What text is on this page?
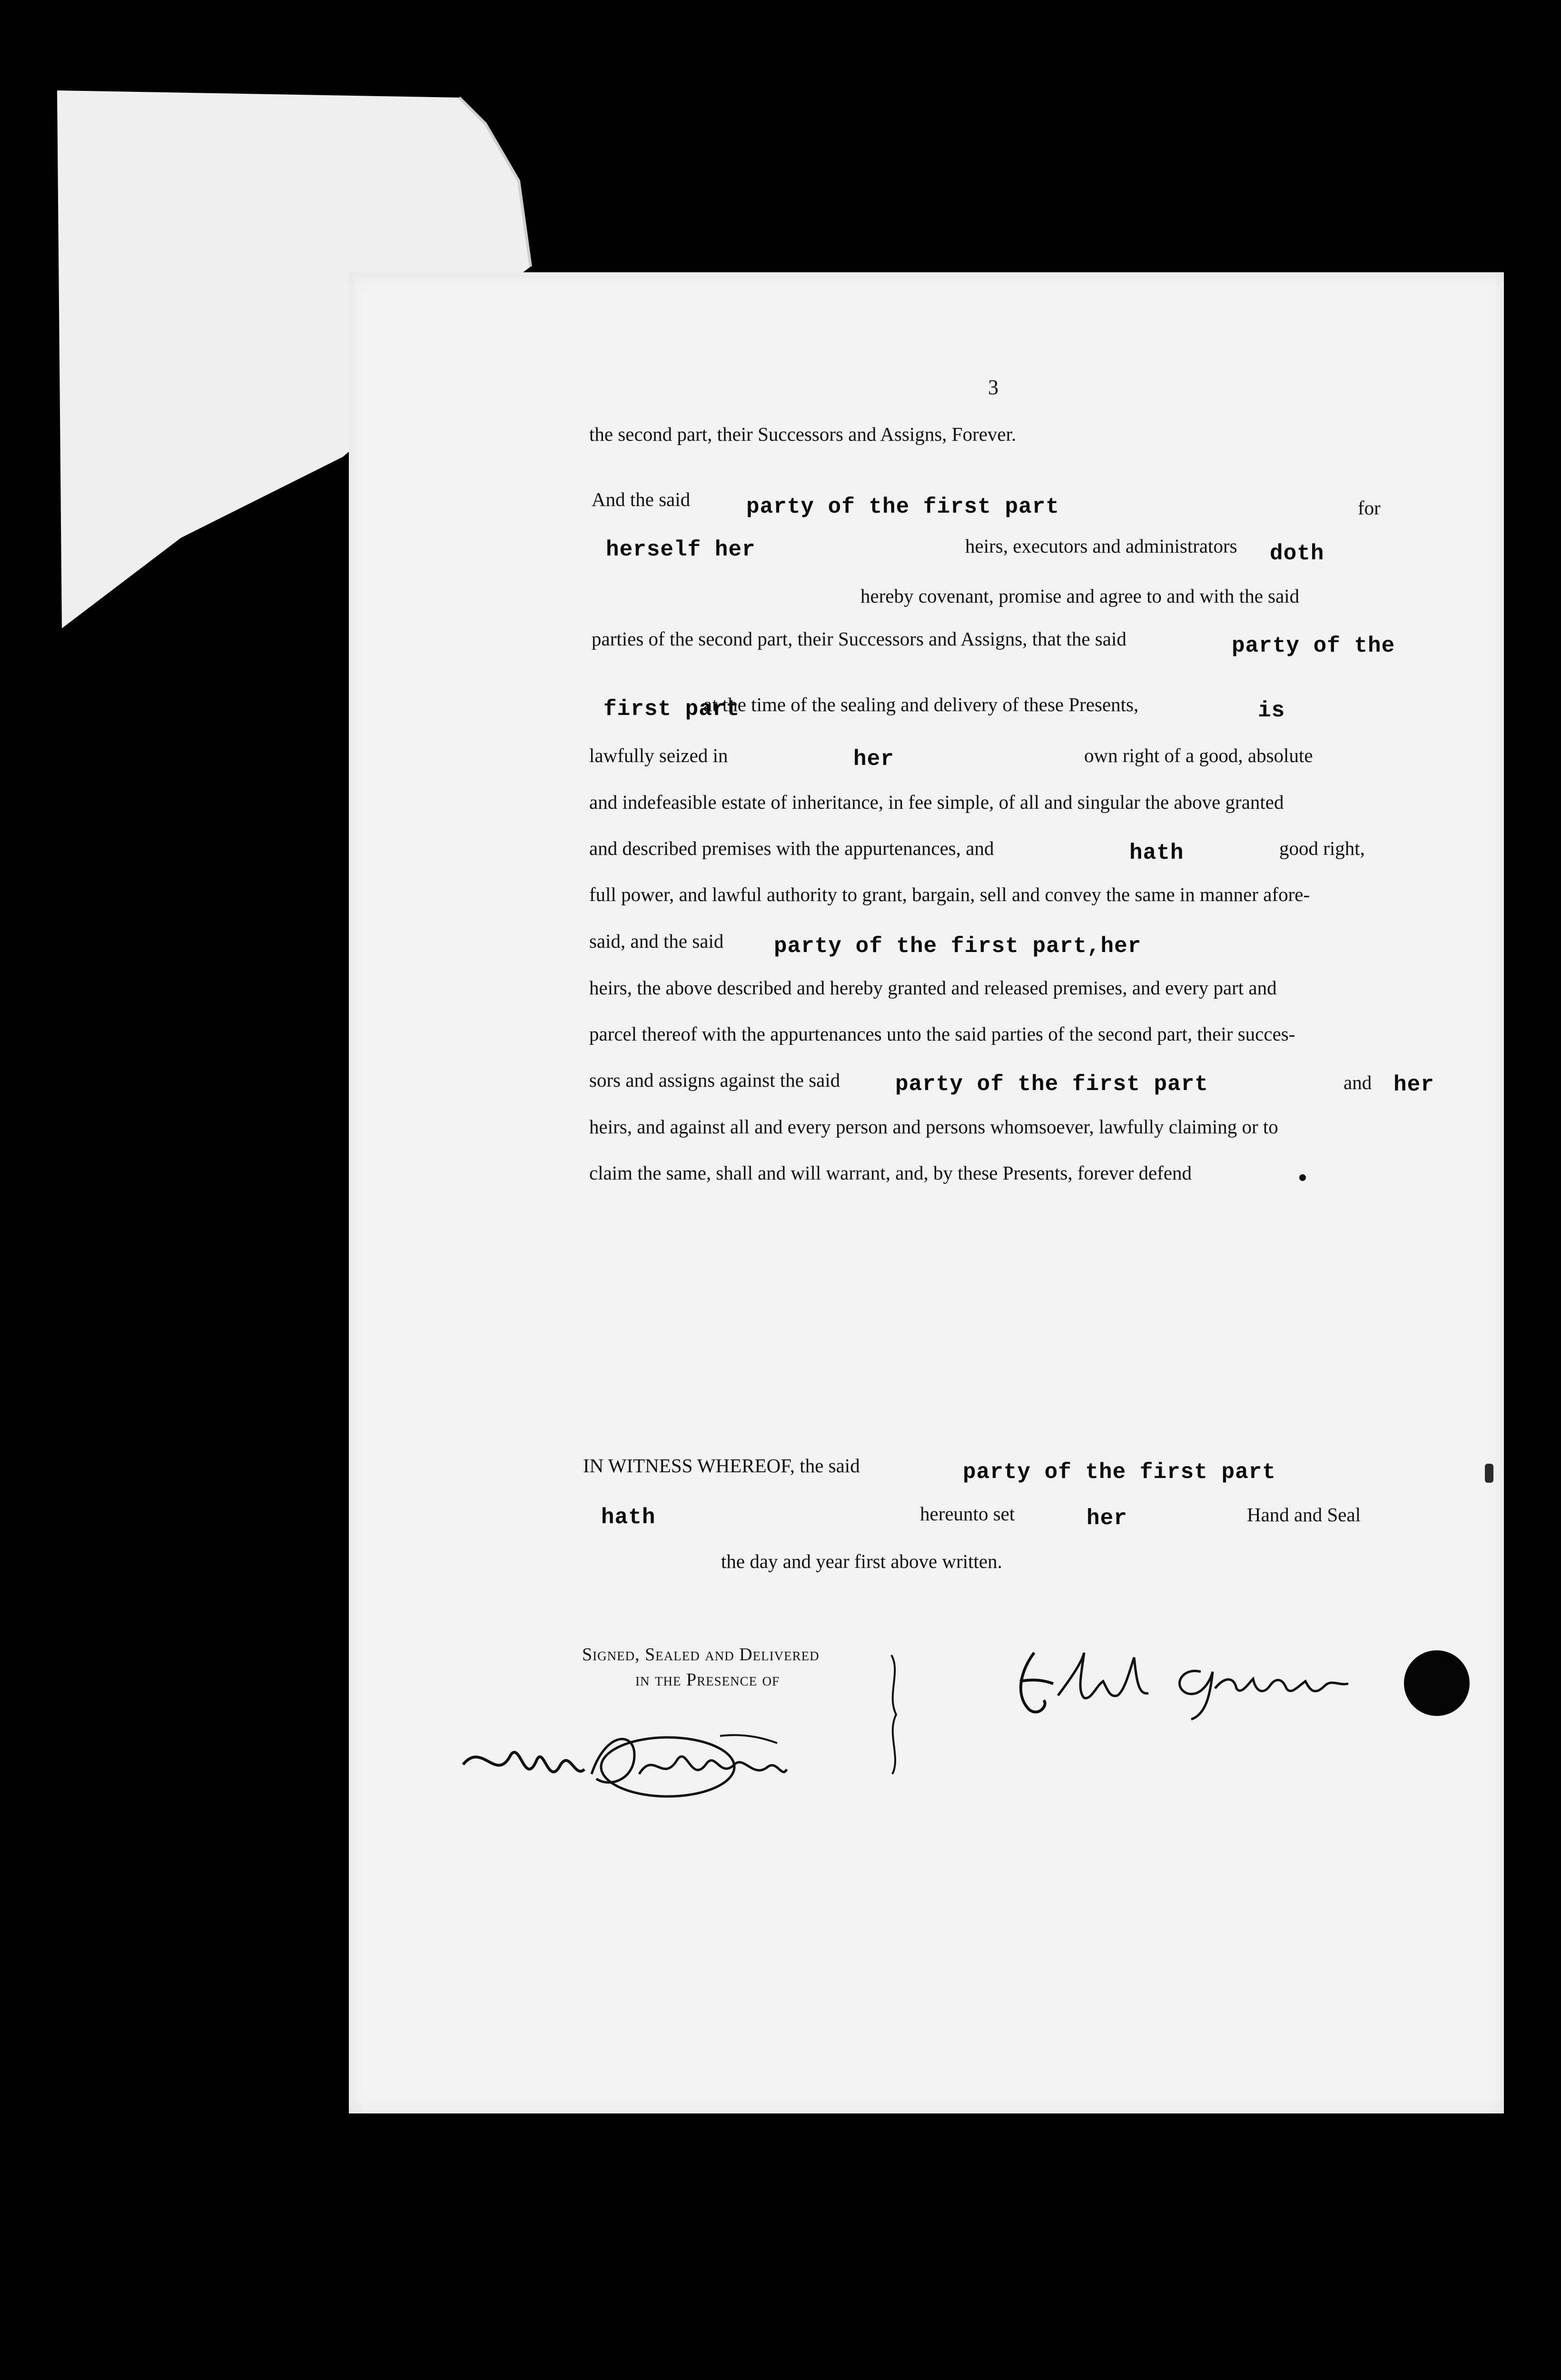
3
the second part, their Successors and Assigns, Forever.
And the said	party of the first part	for
herself her	heirs, executors and administrators doth
hereby covenant, promise and agree to and with the said
parties of the second part, their Successors and Assigns, that the said	party of the
first part
at the time of the sealing and delivery of these Presents,	is
lawfully seized in	her	own right of a good, absolute
and indefeasible estate of inheritance, in fee simple, of all and singular the above granted
and described premises with the appurtenances, and	hath	good right,
full power, and lawful authority to grant, bargain, sell and convey the same in manner afore-
said, and the said party of the first part,her
heirs, the above described and hereby granted and released premises, and every part and
parcel thereof with the appurtenances unto the said parties of the second part, their succes-
sors and assigns against the said	party of the first part	and her
heirs, and against all and every person and persons whomsoever, lawfully claiming or to
claim the same, shall and will warrant, and, by these Presents, forever defend
IN WITNESS WHEREOF, the said	party of the first part
hath	hereunto set	her	Hand and Seal
the day and year first above written.
Signed, Sealed and Delivered
in the Presence of
